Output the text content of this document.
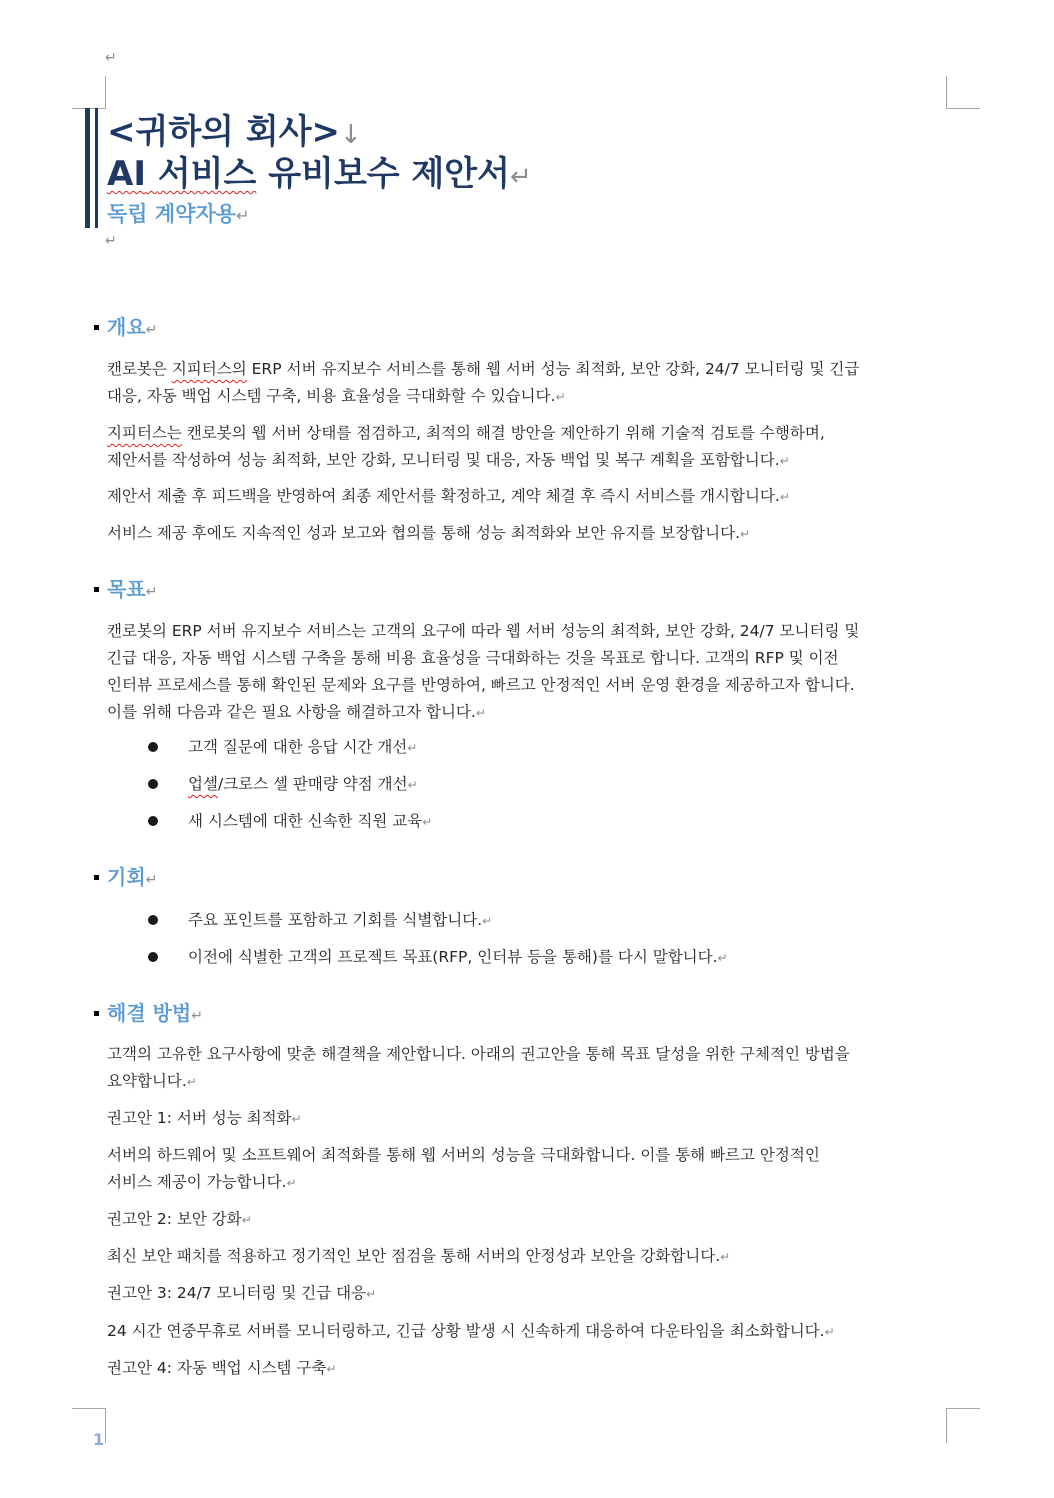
↵
<귀하의 회사>↓
AI 서비스 유비보수 제안서↵
독립 계약자용↵
↵
개요↵
캔로봇은 지피터스의 ERP 서버 유지보수 서비스를 통해 웹 서버 성능 최적화, 보안 강화, 24/7 모니터링 및 긴급
대응, 자동 백업 시스템 구축, 비용 효율성을 극대화할 수 있습니다.↵
지피터스는 캔로봇의 웹 서버 상태를 점검하고, 최적의 해결 방안을 제안하기 위해 기술적 검토를 수행하며,
제안서를 작성하여 성능 최적화, 보안 강화, 모니터링 및 대응, 자동 백업 및 복구 계획을 포함합니다.↵
제안서 제출 후 피드백을 반영하여 최종 제안서를 확정하고, 계약 체결 후 즉시 서비스를 개시합니다.↵
서비스 제공 후에도 지속적인 성과 보고와 협의를 통해 성능 최적화와 보안 유지를 보장합니다.↵
목표↵
캔로봇의 ERP 서버 유지보수 서비스는 고객의 요구에 따라 웹 서버 성능의 최적화, 보안 강화, 24/7 모니터링 및
긴급 대응, 자동 백업 시스템 구축을 통해 비용 효율성을 극대화하는 것을 목표로 합니다. 고객의 RFP 및 이전
인터뷰 프로세스를 통해 확인된 문제와 요구를 반영하여, 빠르고 안정적인 서버 운영 환경을 제공하고자 합니다.
이를 위해 다음과 같은 필요 사항을 해결하고자 합니다.↵
고객 질문에 대한 응답 시간 개선↵
업셀/크로스 셀 판매량 약점 개선↵
새 시스템에 대한 신속한 직원 교육↵
기회↵
주요 포인트를 포함하고 기회를 식별합니다.↵
이전에 식별한 고객의 프로젝트 목표(RFP, 인터뷰 등을 통해)를 다시 말합니다.↵
해결 방법↵
고객의 고유한 요구사항에 맞춘 해결책을 제안합니다. 아래의 권고안을 통해 목표 달성을 위한 구체적인 방법을
요약합니다.↵
권고안 1: 서버 성능 최적화↵
서버의 하드웨어 및 소프트웨어 최적화를 통해 웹 서버의 성능을 극대화합니다. 이를 통해 빠르고 안정적인
서비스 제공이 가능합니다.↵
권고안 2: 보안 강화↵
최신 보안 패치를 적용하고 정기적인 보안 점검을 통해 서버의 안정성과 보안을 강화합니다.↵
권고안 3: 24/7 모니터링 및 긴급 대응↵
24 시간 연중무휴로 서버를 모니터링하고, 긴급 상황 발생 시 신속하게 대응하여 다운타임을 최소화합니다.↵
권고안 4: 자동 백업 시스템 구축↵
1
